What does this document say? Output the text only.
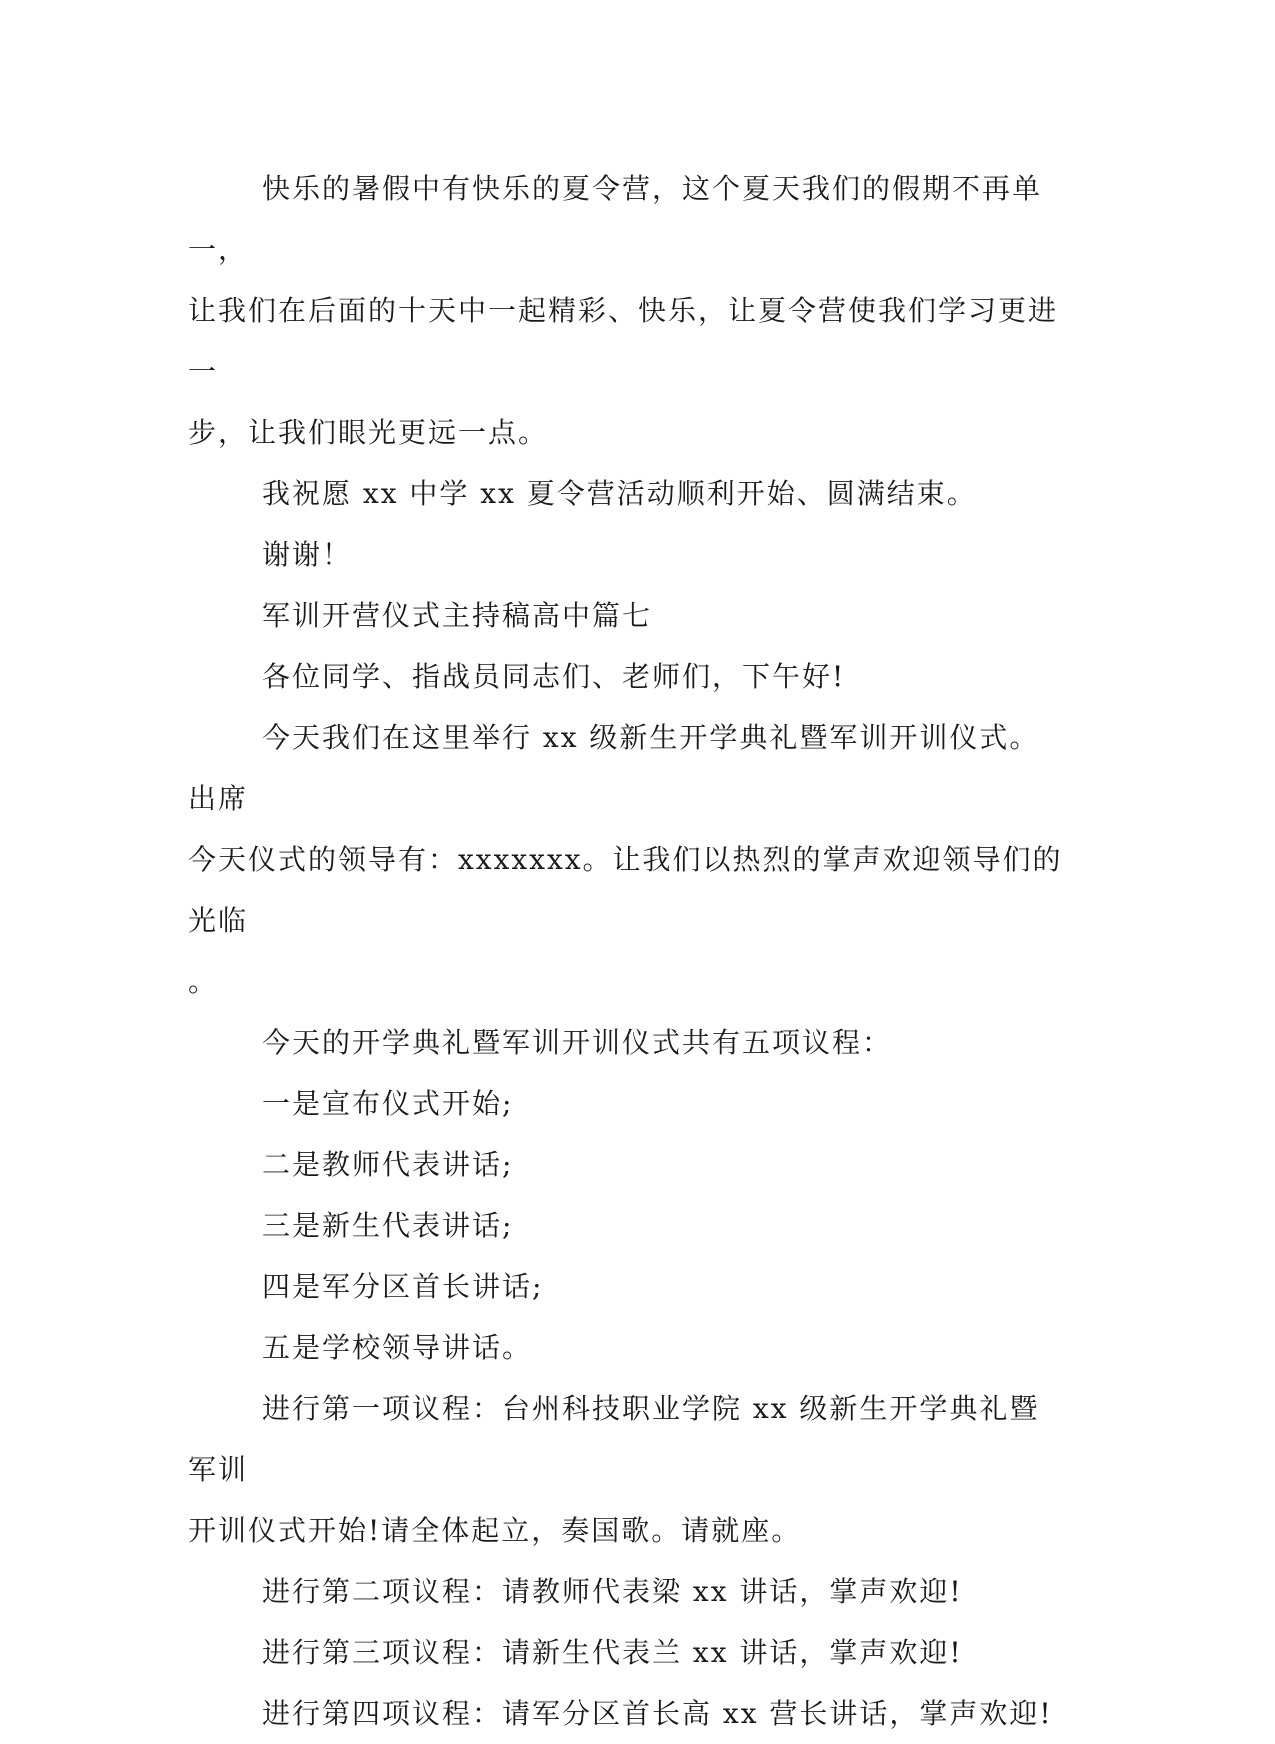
快乐的暑假中有快乐的夏令营，这个夏天我们的假期不再单一，
让我们在后面的十天中一起精彩、快乐，让夏令营使我们学习更进一
步，让我们眼光更远一点。

我祝愿 xx 中学 xx 夏令营活动顺利开始、圆满结束。

谢谢！

军训开营仪式主持稿高中篇七

各位同学、指战员同志们、老师们，下午好!

今天我们在这里举行 xx 级新生开学典礼暨军训开训仪式。出席
今天仪式的领导有：xxxxxxx。让我们以热烈的掌声欢迎领导们的光临
。

今天的开学典礼暨军训开训仪式共有五项议程：

一是宣布仪式开始;

二是教师代表讲话;

三是新生代表讲话;

四是军分区首长讲话;

五是学校领导讲话。

进行第一项议程：台州科技职业学院 xx 级新生开学典礼暨军训
开训仪式开始!请全体起立，奏国歌。请就座。

进行第二项议程：请教师代表梁 xx 讲话，掌声欢迎!

进行第三项议程：请新生代表兰 xx 讲话，掌声欢迎!

进行第四项议程：请军分区首长高 xx 营长讲话，掌声欢迎!
